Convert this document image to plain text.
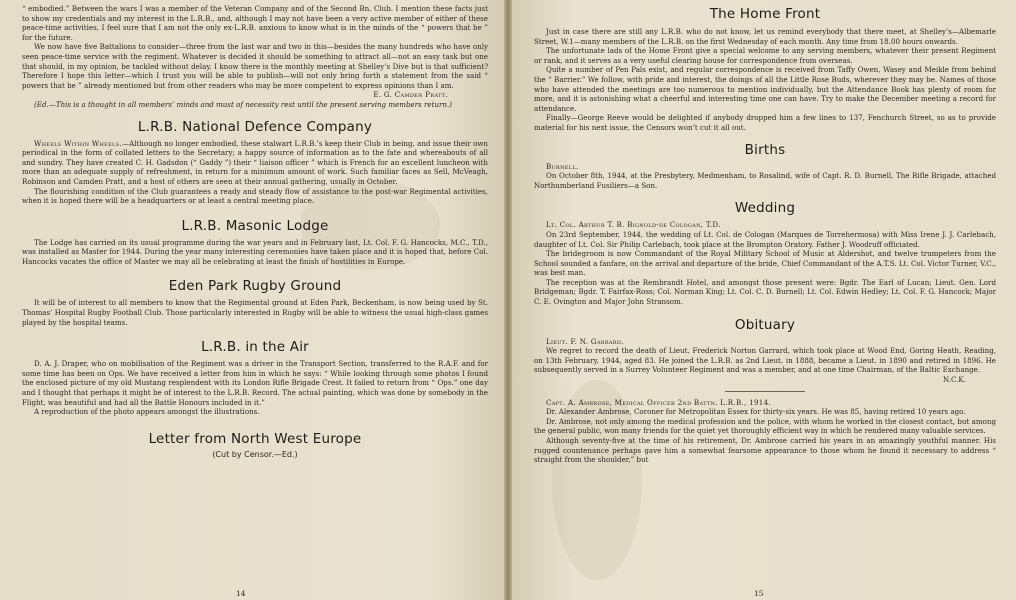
“ embodied.” Between the wars I was a member of the Veteran Company and of the Second Bn. Club. I mention these facts just to show my credentials and my interest in the L.R.B., and, although I may not have been a very active member of either of these peace-time activities, I feel sure that I am not the only ex-L.R.B. anxious to know what is in the minds of the “ powers that be ” for the future.

We now have five Battalions to consider—three from the last war and two in this—besides the many hundreds who have only seen peace-time service with the regiment. Whatever is decided it should be something to attract all—not an easy task but one that should, in my opinion, be tackled without delay. I know there is the monthly meeting at Shelley’s Dive but is that sufficient? Therefore I hope this letter—which I trust you will be able to publish—will not only bring forth a statement from the said “ powers that be ” already mentioned but from other readers who may be more competent to express opinions than I am.

E. G. Camden Pratt.

(Ed.—This is a thought in all members’ minds and must of necessity rest until the present serving members return.)

L.R.B. National Defence Company

Wheels Within Wheels.—Although no longer embodied, these stalwart L.R.B.’s keep their Club in being, and issue their own periodical in the form of collated letters to the Secretary; a happy source of information as to the fate and whereabouts of all and sundry. They have created C. H. Gadsdon (“ Gaddy ”) their “ liaison officer ” which is French for an excellent luncheon with more than an adequate supply of refreshment, in return for a minimum amount of work. Such familiar faces as Sell, McVeagh, Robinson and Camden Pratt, and a host of others are seen at their annual gathering, usually in October.

The flourishing condition of the Club guarantees a ready and steady flow of assistance to the post-war Regimental activities, when it is hoped there will be a headquarters or at least a central meeting place.

L.R.B. Masonic Lodge

The Lodge has carried on its usual programme during the war years and in February last, Lt. Col. F. G. Hancocks, M.C., T.D., was installed as Master for 1944. During the year many interesting ceremonies have taken place and it is hoped that, before Col. Hancocks vacates the office of Master we may all be celebrating at least the finish of hostilities in Europe.

Eden Park Rugby Ground

It will be of interest to all members to know that the Regimental ground at Eden Park, Beckenham, is now being used by St. Thomas’ Hospital Rugby Football Club. Those particularly interested in Rugby will be able to witness the usual high-class games played by the hospital teams.

L.R.B. in the Air

D. A. J. Draper, who on mobilisation of the Regiment was a driver in the Transport Section, transferred to the R.A.F. and for some time has been on Ops. We have received a letter from him in which he says: “ While looking through some photos I found the enclosed picture of my old Mustang resplendent with its London Rifle Brigade Crest. It failed to return from “ Ops.” one day and I thought that perhaps it might be of interest to the L.R.B. Record. The actual painting, which was done by somebody in the Flight, was beautiful and had all the Battle Honours included in it.”

A reproduction of the photo appears amongst the illustrations.

Letter from North West Europe
(Cut by Censor.—Ed.)
14
The Home Front

Just in case there are still any L.R.B. who do not know, let us remind everybody that there meet, at Shelley’s—Albemarle Street, W.1—many members of the L.R.B. on the first Wednesday of each month. Any time from 18.00 hours onwards.

The unfortunate lads of the Home Front give a special welcome to any serving members, whatever their present Regiment or rank, and it serves as a very useful clearing house for correspondence from overseas.

Quite a number of Pen Pals exist, and regular correspondence is received from Taffy Owen, Wasey and Meikle from behind the “ Barrier.” We follow, with pride and interest, the doings of all the Little Rose Buds, wherever they may be. Names of those who have attended the meetings are too numerous to mention individually, but the Attendance Book has plenty of room for more, and it is astonishing what a cheerful and interesting time one can have. Try to make the December meeting a record for attendance.

Finally—George Reeve would be delighted if anybody dropped him a few lines to 137, Fenchurch Street, so as to provide material for his next issue, the Censors won’t cut it all out.

Births

Burnell.

On October 8th, 1944, at the Presbytery, Medmenham, to Rosalind, wife of Capt. R. D. Burnell, The Rifle Brigade, attached Northumberland Fusiliers—a Son.

Wedding

Lt. Col. Arthur T. B. Bignold-de Cologan, T.D.

On 23rd September, 1944, the wedding of Lt. Col. de Cologan (Marques de Torrehermosa) with Miss Irene J. J. Carlebach, daughter of Lt. Col. Sir Philip Carlebach, took place at the Brompton Oratory. Father J. Woodruff officiated.

The bridegroom is now Commandant of the Royal Military School of Music at Aldershot, and twelve trumpeters from the School sounded a fanfare, on the arrival and departure of the bride, Chief Commandant of the A.T.S. Lt. Col. Victor Turner, V.C., was best man.

The reception was at the Rembrandt Hotel, and amongst those present were: Bgdr. The Earl of Lucan; Lieut. Gen. Lord Bridgeman; Bgdr. T. Fairfax-Ross; Col. Norman King; Lt. Col. C. D. Burnell; Lt. Col. Edwin Hedley; Lt. Col. F. G. Hancock; Major C. E. Ovington and Major John Stransom.

Obituary

Lieut. F. N. Garrard.

We regret to record the death of Lieut. Frederick Norton Garrard, which took place at Wood End, Goring Heath, Reading, on 13th February, 1944, aged 83. He joined the L.R.B. as 2nd Lieut. in 1888, became a Lieut. in 1890 and retired in 1896. He subsequently served in a Surrey Volunteer Regiment and was a member, and at one time Chairman, of the Baltic Exchange.

N.C.K.

Capt. A. Ambrose, Medical Officer 2nd Battn. L.R.B., 1914.

Dr. Alexander Ambrose, Coroner for Metropolitan Essex for thirty-six years. He was 85, having retired 10 years ago.

Dr. Ambrose, not only among the medical profession and the police, with whom he worked in the closest contact, but among the general public, won many friends for the quiet yet thoroughly efficient way in which he rendered many valuable services.

Although seventy-five at the time of his retirement, Dr. Ambrose carried his years in an amazingly youthful manner. His rugged countenance perhaps gave him a somewhat fearsome appearance to those whom he found it necessary to address “ straight from the shoulder,” but

15
